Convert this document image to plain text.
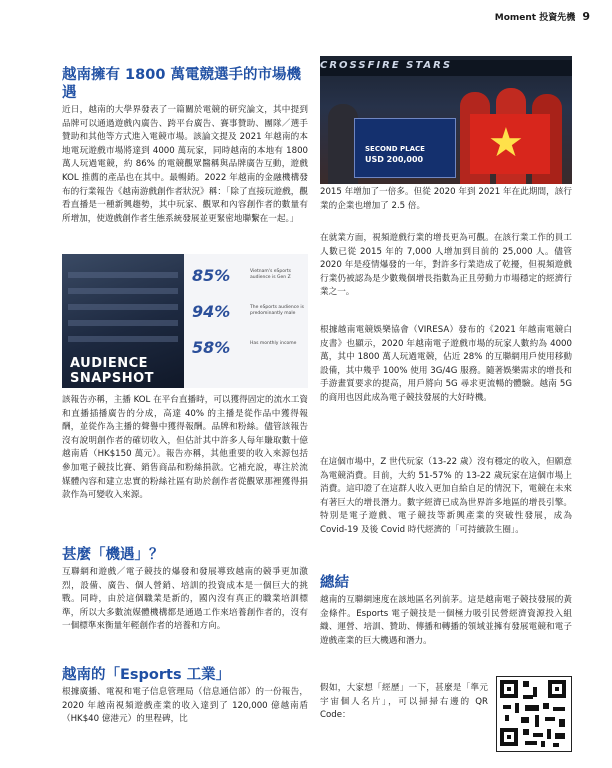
Moment 投資先機 9
越南擁有 1800 萬電競選手的市場機遇

近日，越南的大學界發表了一篇關於電競的研究論文，其中提到品牌可以通過遊戲內廣告、跨平台廣告、賽事贊助、團隊／選手贊助和其他等方式進入電競市場。該論文提及 2021 年越南的本地電玩遊戲市場將達到 4000 萬玩家，同時越南的本地有 1800 萬人玩過電競，約 86% 的電競觀眾醫稱與品牌廣告互動，遊戲 KOL 推薦的產品也在其中。最暢銷。2022 年越南的金融機構發布的行業報告《越南游戲創作者狀況》稱：「除了直接玩遊戲，觀看直播是一種新興趨勢，其中玩家、觀眾和內容創作者的數量有所增加，使遊戲創作者生態系統發展並更緊密地聯繫在一起。」

AUDIENCE
SNAPSHOT
85%	Vietnam's eSports audience is Gen Z
94%	The eSports audience is predominantly male
58%	Has monthly income

該報告亦稱，主播 KOL 在平台直播時，可以獲得固定的流水工資和直播插播廣告的分成，高達 40% 的主播是從作品中獲得報酬，並從作為主播的聲譽中獲得報酬。品牌和粉絲。儘管該報告沒有說明創作者的確切收入，但估計其中許多人每年賺取數十億越南盾（HK$150 萬元）。報告亦稱，其他重要的收入來源包括參加電子競技比賽、銷售商品和粉絲捐款。它補充說，專注於流媒體內容和建立忠實的粉絲社區有助於創作者從觀眾那裡獲得捐款作為可變收入來源。

甚麼「機遇」？

互聯網和遊戲／電子競技的爆發和發展導致越南的競爭更加激烈，設備、廣告、個人營銷、培訓的投資成本是一個巨大的挑戰。同時，由於這個職業是新的，國內沒有真正的職業培訓標準，所以大多數流媒體機構都是通過工作來培養創作者的，沒有一個標準來衡量年輕創作者的培養和方向。

越南的「Esports 工業」

根據廣播、電視和電子信息管理局（信息通信部）的一份報告，2020 年越南視頻遊戲產業的收入達到了 120,000 億越南盾（HK$40 億港元）的里程碑，比

CROSSFIRE STARS
★
SECOND PLACE
USD 200,000

2015 年增加了一倍多。但從 2020 年到 2021 年在此期間，該行業的企業也增加了 2.5 倍。

在就業方面，視頻遊戲行業的增長更為可觀。在該行業工作的員工人數已從 2015 年的 7,000 人增加到目前的 25,000 人。儘管 2020 年是疫情爆發的一年，對許多行業造成了乾擾，但視頻遊戲行業仍被認為是少數幾個增長指數為正且勞動力市場穩定的經濟行業之一。

根據越南電競娛樂協會（VIRESA）發布的《2021 年越南電競白皮書》也顯示，2020 年越南電子遊戲市場的玩家人數約為 4000 萬，其中 1800 萬人玩過電競，佔近 28% 的互聯網用戶使用移動設備，其中幾乎 100% 使用 3G/4G 服務。隨著娛樂需求的增長和手游畫質要求的提高，用戶將向 5G 尋求更流暢的體驗。越南 5G 的商用也因此成為電子競技發展的大好時機。

在這個市場中，Z 世代玩家（13-22 歲）沒有穩定的收入，但願意為電競消費。目前，大約 51-57% 的 13-22 歲玩家在這個市場上消費。這印證了在這群人收入更加自給自足的情況下，電競在未來有著巨大的增長潛力。數字經濟已成為世界許多地區的增長引擎。特別是電子遊戲、電子競技等新興產業的突破性發展，成為 Covid-19 及後 Covid 時代經濟的「可持續款生圈」。

總結

越南的互聯網速度在該地區名列前茅。這是越南電子競技發展的黃金條件。Esports 電子競技是一個極力吸引民營經濟資源投入組織、運營、培訓、贊助、傳播和轉播的領域並擁有發展電競和電子遊戲產業的巨大機遇和潛力。

假如，大家想「經歷」一下，甚麼是「準元宇宙個人名片」，可以掃掃右邊的 QR Code：
